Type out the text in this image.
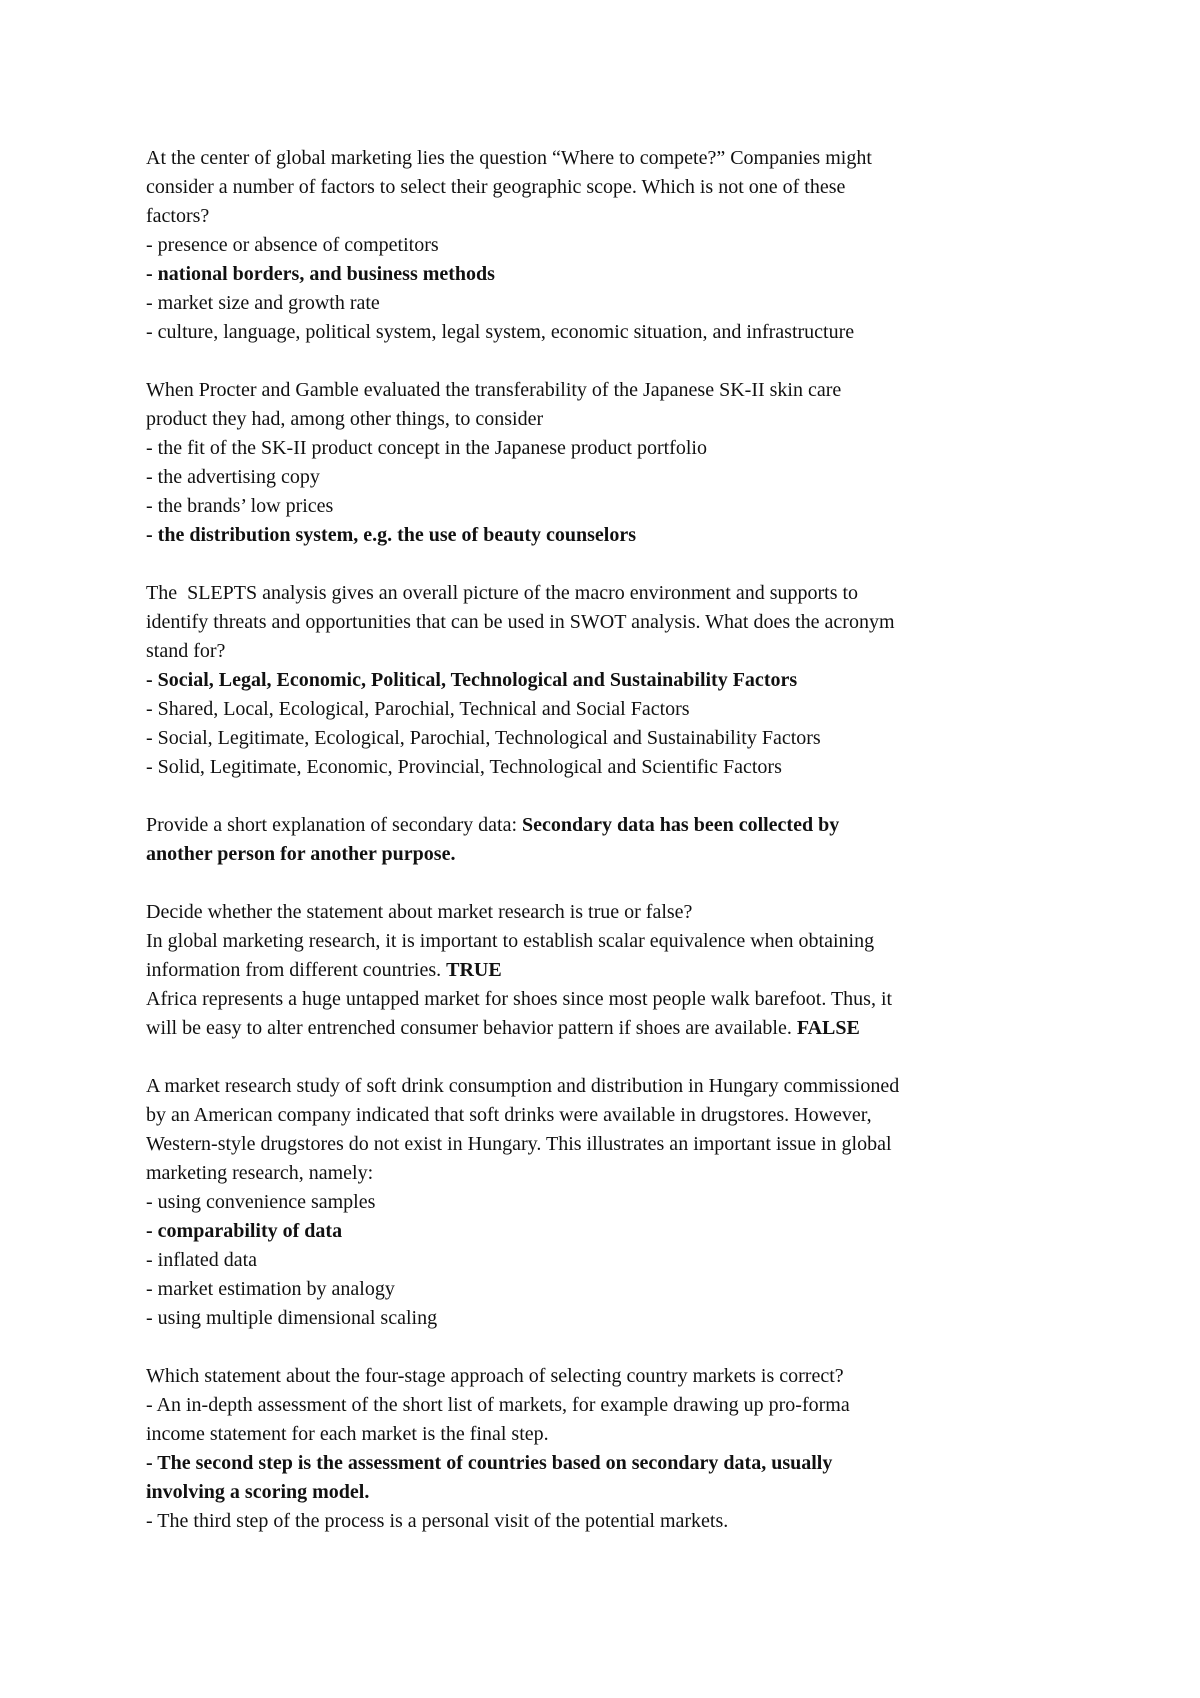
At the center of global marketing lies the question “Where to compete?” Companies might
consider a number of factors to select their geographic scope. Which is not one of these
factors?
- presence or absence of competitors
- national borders, and business methods
- market size and growth rate
- culture, language, political system, legal system, economic situation, and infrastructure
When Procter and Gamble evaluated the transferability of the Japanese SK-II skin care
product they had, among other things, to consider
- the fit of the SK-II product concept in the Japanese product portfolio
- the advertising copy
- the brands’ low prices
- the distribution system, e.g. the use of beauty counselors
The  SLEPTS analysis gives an overall picture of the macro environment and supports to
identify threats and opportunities that can be used in SWOT analysis. What does the acronym
stand for?
- Social, Legal, Economic, Political, Technological and Sustainability Factors
- Shared, Local, Ecological, Parochial, Technical and Social Factors
- Social, Legitimate, Ecological, Parochial, Technological and Sustainability Factors
- Solid, Legitimate, Economic, Provincial, Technological and Scientific Factors
Provide a short explanation of secondary data: Secondary data has been collected by
another person for another purpose.
Decide whether the statement about market research is true or false?
In global marketing research, it is important to establish scalar equivalence when obtaining
information from different countries. TRUE
Africa represents a huge untapped market for shoes since most people walk barefoot. Thus, it
will be easy to alter entrenched consumer behavior pattern if shoes are available. FALSE
A market research study of soft drink consumption and distribution in Hungary commissioned
by an American company indicated that soft drinks were available in drugstores. However,
Western-style drugstores do not exist in Hungary. This illustrates an important issue in global
marketing research, namely:
- using convenience samples
- comparability of data
- inflated data
- market estimation by analogy
- using multiple dimensional scaling
Which statement about the four-stage approach of selecting country markets is correct?
- An in-depth assessment of the short list of markets, for example drawing up pro-forma
income statement for each market is the final step.
- The second step is the assessment of countries based on secondary data, usually
involving a scoring model.
- The third step of the process is a personal visit of the potential markets.
